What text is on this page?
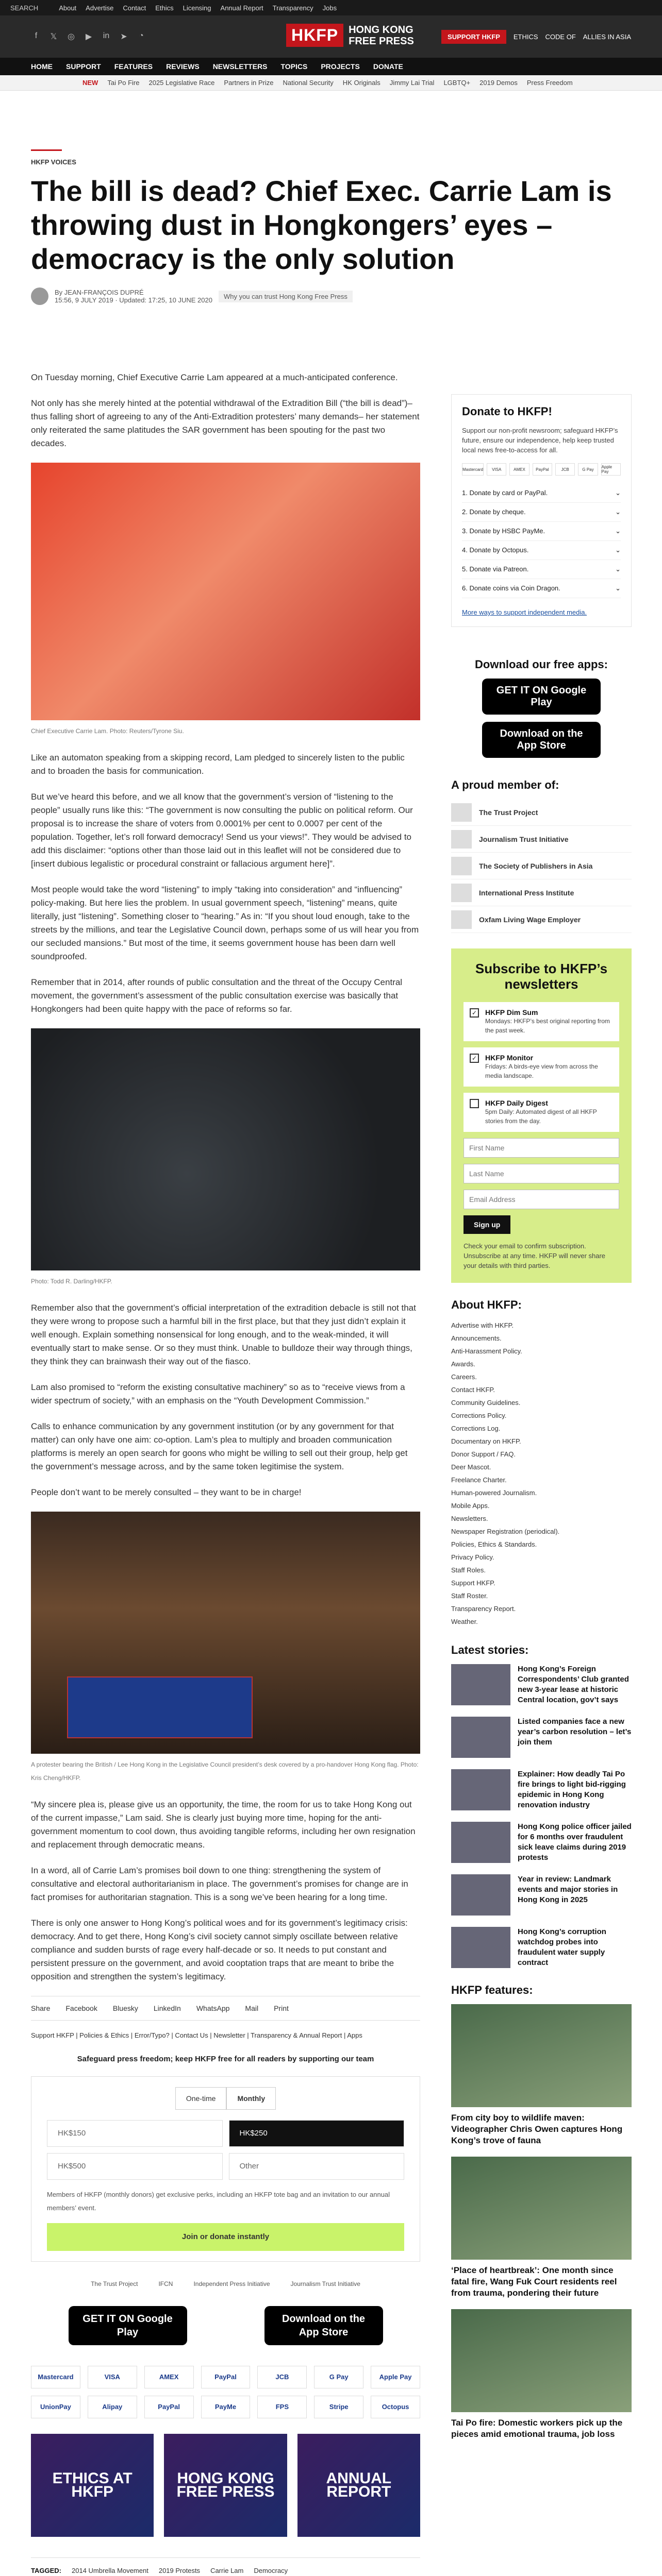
SEARCH	About Advertise Contact Ethics Licensing Annual Report Transparency Jobs
f	𝕏 ◎ ▶ in ➤	◔	HKFP	HONG KONG
FREE PRESS	SUPPORT HKFP	ETHICS CODE OF ALLIES IN ASIA
HOME SUPPORT FEATURES REVIEWS NEWSLETTERS TOPICS PROJECTS DONATE
NEW Tai Po Fire 2025 Legislative Race Partners in Prize National Security HK Originals Jimmy Lai Trial LGBTQ+ 2019 Demos Press Freedom
HKFP VOICES
The bill is dead? Chief Exec. Carrie Lam is throwing dust in Hongkongers’ eyes – democracy is the only solution
By JEAN-FRANÇOIS DUPRÉ
15:56, 9 JULY 2019 · Updated: 17:25, 10 JUNE 2020	Why you can trust Hong Kong Free Press

On Tuesday morning, Chief Executive Carrie Lam appeared at a much-anticipated conference.

Not only has she merely hinted at the potential withdrawal of the Extradition Bill (“the bill is dead”)– thus falling short of agreeing to any of the Anti-Extradition protesters’ many demands– her statement only reiterated the same platitudes the SAR government has been spouting for the past two decades.

Chief Executive Carrie Lam. Photo: Reuters/Tyrone Siu.

Like an automaton speaking from a skipping record, Lam pledged to sincerely listen to the public and to broaden the basis for communication.

But we’ve heard this before, and we all know that the government’s version of “listening to the people” usually runs like this: “The government is now consulting the public on political reform. Our proposal is to increase the share of voters from 0.0001% per cent to 0.0007 per cent of the population. Together, let’s roll forward democracy! Send us your views!”. They would be advised to add this disclaimer: “options other than those laid out in this leaflet will not be considered due to [insert dubious legalistic or procedural constraint or fallacious argument here]”.

Most people would take the word “listening” to imply “taking into consideration” and “influencing” policy-making. But here lies the problem. In usual government speech, “listening” means, quite literally, just “listening”. Something closer to “hearing.” As in: “If you shout loud enough, take to the streets by the millions, and tear the Legislative Council down, perhaps some of us will hear you from our secluded mansions.” But most of the time, it seems government house has been darn well soundproofed.

Remember that in 2014, after rounds of public consultation and the threat of the Occupy Central movement, the government’s assessment of the public consultation exercise was basically that Hongkongers had been quite happy with the pace of reforms so far.

Photo: Todd R. Darling/HKFP.

Remember also that the government’s official interpretation of the extradition debacle is still not that they were wrong to propose such a harmful bill in the first place, but that they just didn’t explain it well enough. Explain something nonsensical for long enough, and to the weak-minded, it will eventually start to make sense. Or so they must think. Unable to bulldoze their way through things, they think they can brainwash their way out of the fiasco.

Lam also promised to “reform the existing consultative machinery” so as to “receive views from a wider spectrum of society,” with an emphasis on the “Youth Development Commission.”

Calls to enhance communication by any government institution (or by any government for that matter) can only have one aim: co-option. Lam’s plea to multiply and broaden communication platforms is merely an open search for goons who might be willing to sell out their group, help get the government’s message across, and by the same token legitimise the system.

People don’t want to be merely consulted – they want to be in charge!

A protester bearing the British / Lee Hong Kong in the Legislative Council president’s desk covered by a pro-handover Hong Kong flag. Photo: Kris Cheng/HKFP.

“My sincere plea is, please give us an opportunity, the time, the room for us to take Hong Kong out of the current impasse,” Lam said. She is clearly just buying more time, hoping for the anti-government momentum to cool down, thus avoiding tangible reforms, including her own resignation and replacement through democratic means.

In a word, all of Carrie Lam’s promises boil down to one thing: strengthening the system of consultative and electoral authoritarianism in place. The government’s promises for change are in fact promises for authoritarian stagnation. This is a song we’ve been hearing for a long time.

There is only one answer to Hong Kong’s political woes and for its government’s legitimacy crisis: democracy. And to get there, Hong Kong’s civil society cannot simply oscillate between relative compliance and sudden bursts of rage every half-decade or so. It needs to put constant and persistent pressure on the government, and avoid cooptation traps that are meant to bribe the opposition and strengthen the system’s legitimacy.

Share Facebook Bluesky LinkedIn WhatsApp Mail Print
Support HKFP | Policies & Ethics | Error/Typo? | Contact Us | Newsletter | Transparency & Annual Report | Apps
Safeguard press freedom; keep HKFP free for all readers by supporting our team
One-time	Monthly
HK$150	HK$250
HK$500	Other
Members of HKFP (monthly donors) get exclusive perks, including an HKFP tote bag and an invitation to our annual members’ event.
Join or donate instantly
The Trust Project	IFCN	Independent Press Initiative	Journalism Trust Initiative
GET IT ON Google Play
Download on the App Store
Mastercard	VISA	AMEX	PayPal	JCB	G Pay	Apple Pay
UnionPay	Alipay	PayPal	PayMe	FPS	Stripe	Octopus
ETHICS AT HKFP
HONG KONG FREE PRESS
ANNUAL REPORT
TAGGED: 2014 Umbrella Movement 2019 Protests Carrie Lam Democracy
Donate to HKFP!
Support our non-profit newsroom; safeguard HKFP’s future, ensure our independence, help keep trusted local news free-to-access for all.
Mastercard	VISA	AMEX	PayPal	JCB	G Pay	Apple Pay
1. Donate by card or PayPal.	⌄
2. Donate by cheque.	⌄
3. Donate by HSBC PayMe.	⌄
4. Donate by Octopus.	⌄
5. Donate via Patreon.	⌄
6. Donate coins via Coin Dragon.	⌄
More ways to support independent media.
Download our free apps:
GET IT ON Google Play
Download on the App Store
A proud member of:
The Trust Project
Journalism Trust Initiative
The Society of Publishers in Asia
International Press Institute
Oxfam Living Wage Employer
Subscribe to HKFP’s newsletters
✓ HKFP Dim Sum
Mondays: HKFP’s best original reporting from the past week.
✓ HKFP Monitor
Fridays: A birds-eye view from across the media landscape.
HKFP Daily Digest
5pm Daily: Automated digest of all HKFP stories from the day.
First Name
Last Name
Email Address
Sign up
Check your email to confirm subscription. Unsubscribe at any time. HKFP will never share your details with third parties.
About HKFP:
Advertise with HKFP.
Announcements.
Anti-Harassment Policy.
Awards.
Careers.
Contact HKFP.
Community Guidelines.
Corrections Policy.
Corrections Log.
Documentary on HKFP.
Donor Support / FAQ.
Deer Mascot.
Freelance Charter.
Human-powered Journalism.
Mobile Apps.
Newsletters.
Newspaper Registration (periodical).
Policies, Ethics & Standards.
Privacy Policy.
Staff Roles.
Support HKFP.
Staff Roster.
Transparency Report.
Weather.
Latest stories:

Hong Kong’s Foreign Correspondents’ Club granted new 3-year lease at historic Central location, gov’t says

Listed companies face a new year’s carbon resolution – let’s join them

Explainer: How deadly Tai Po fire brings to light bid-rigging epidemic in Hong Kong renovation industry

Hong Kong police officer jailed for 6 months over fraudulent sick leave claims during 2019 protests

Year in review: Landmark events and major stories in Hong Kong in 2025

Hong Kong’s corruption watchdog probes into fraudulent water supply contract

HKFP features:

From city boy to wildlife maven: Videographer Chris Owen captures Hong Kong’s trove of fauna

‘Place of heartbreak’: One month since fatal fire, Wang Fuk Court residents reel from trauma, pondering their future

Tai Po fire: Domestic workers pick up the pieces amid emotional trauma, job loss
